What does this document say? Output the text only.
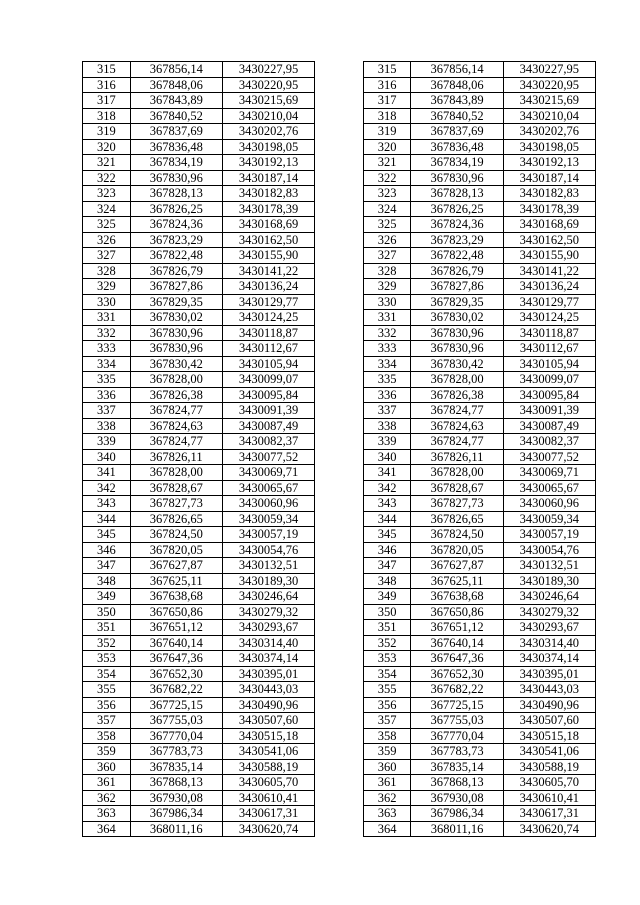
315	367856,14	3430227,95		315	367856,14	3430227,95
316	367848,06	3430220,95		316	367848,06	3430220,95
317	367843,89	3430215,69		317	367843,89	3430215,69
318	367840,52	3430210,04		318	367840,52	3430210,04
319	367837,69	3430202,76		319	367837,69	3430202,76
320	367836,48	3430198,05		320	367836,48	3430198,05
321	367834,19	3430192,13		321	367834,19	3430192,13
322	367830,96	3430187,14		322	367830,96	3430187,14
323	367828,13	3430182,83		323	367828,13	3430182,83
324	367826,25	3430178,39		324	367826,25	3430178,39
325	367824,36	3430168,69		325	367824,36	3430168,69
326	367823,29	3430162,50		326	367823,29	3430162,50
327	367822,48	3430155,90		327	367822,48	3430155,90
328	367826,79	3430141,22		328	367826,79	3430141,22
329	367827,86	3430136,24		329	367827,86	3430136,24
330	367829,35	3430129,77		330	367829,35	3430129,77
331	367830,02	3430124,25		331	367830,02	3430124,25
332	367830,96	3430118,87		332	367830,96	3430118,87
333	367830,96	3430112,67		333	367830,96	3430112,67
334	367830,42	3430105,94		334	367830,42	3430105,94
335	367828,00	3430099,07		335	367828,00	3430099,07
336	367826,38	3430095,84		336	367826,38	3430095,84
337	367824,77	3430091,39		337	367824,77	3430091,39
338	367824,63	3430087,49		338	367824,63	3430087,49
339	367824,77	3430082,37		339	367824,77	3430082,37
340	367826,11	3430077,52		340	367826,11	3430077,52
341	367828,00	3430069,71		341	367828,00	3430069,71
342	367828,67	3430065,67		342	367828,67	3430065,67
343	367827,73	3430060,96		343	367827,73	3430060,96
344	367826,65	3430059,34		344	367826,65	3430059,34
345	367824,50	3430057,19		345	367824,50	3430057,19
346	367820,05	3430054,76		346	367820,05	3430054,76
347	367627,87	3430132,51		347	367627,87	3430132,51
348	367625,11	3430189,30		348	367625,11	3430189,30
349	367638,68	3430246,64		349	367638,68	3430246,64
350	367650,86	3430279,32		350	367650,86	3430279,32
351	367651,12	3430293,67		351	367651,12	3430293,67
352	367640,14	3430314,40		352	367640,14	3430314,40
353	367647,36	3430374,14		353	367647,36	3430374,14
354	367652,30	3430395,01		354	367652,30	3430395,01
355	367682,22	3430443,03		355	367682,22	3430443,03
356	367725,15	3430490,96		356	367725,15	3430490,96
357	367755,03	3430507,60		357	367755,03	3430507,60
358	367770,04	3430515,18		358	367770,04	3430515,18
359	367783,73	3430541,06		359	367783,73	3430541,06
360	367835,14	3430588,19		360	367835,14	3430588,19
361	367868,13	3430605,70		361	367868,13	3430605,70
362	367930,08	3430610,41		362	367930,08	3430610,41
363	367986,34	3430617,31		363	367986,34	3430617,31
364	368011,16	3430620,74		364	368011,16	3430620,74
